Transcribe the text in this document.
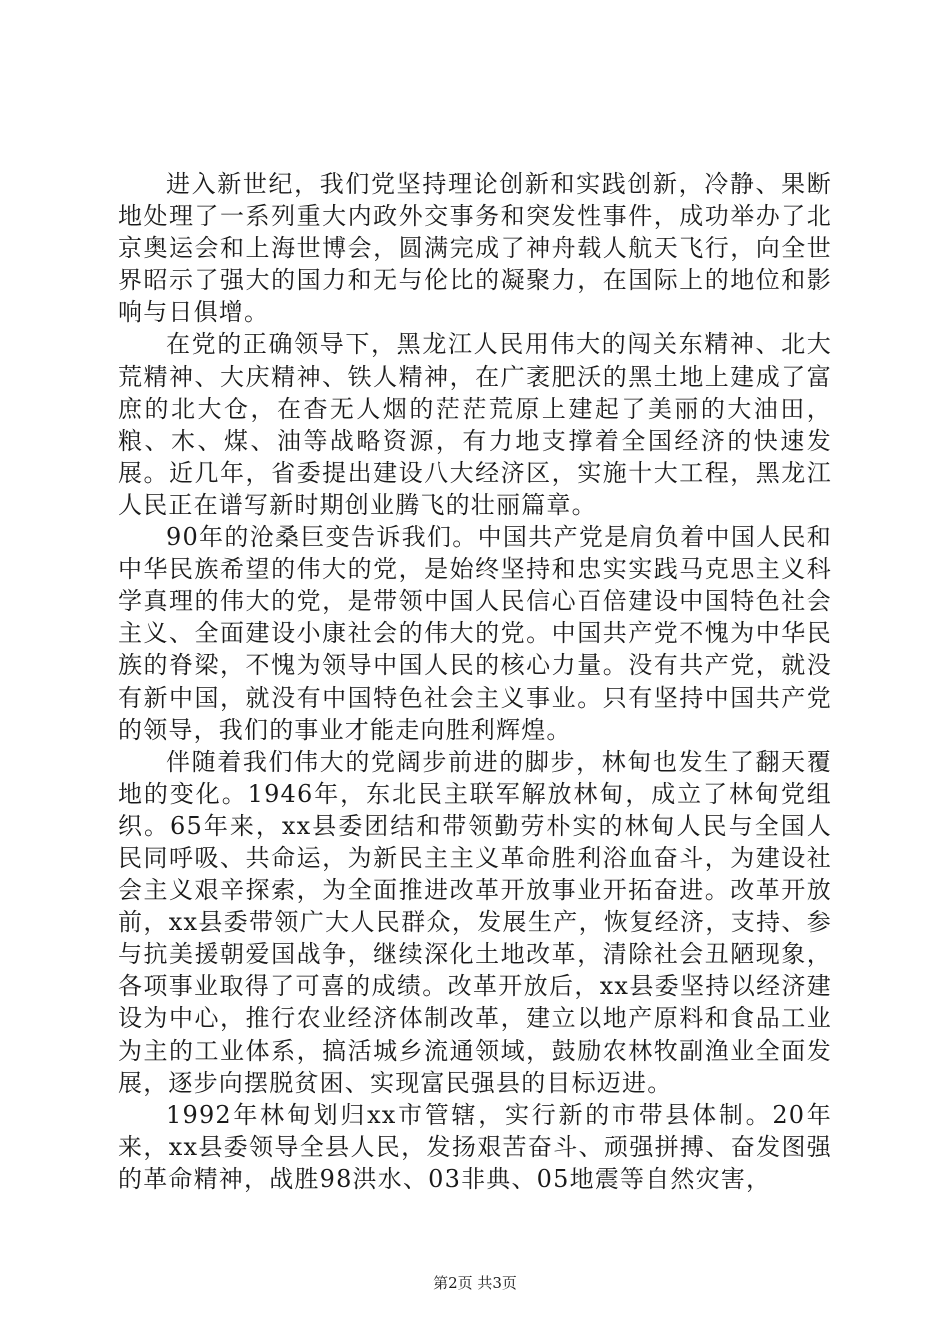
进入新世纪，我们党坚持理论创新和实践创新，冷静、果断地处理了一系列重大内政外交事务和突发性事件，成功举办了北京奥运会和上海世博会，圆满完成了神舟载人航天飞行，向全世界昭示了强大的国力和无与伦比的凝聚力，在国际上的地位和影响与日俱增。

在党的正确领导下，黑龙江人民用伟大的闯关东精神、北大荒精神、大庆精神、铁人精神，在广袤肥沃的黑土地上建成了富庶的北大仓，在杳无人烟的茫茫荒原上建起了美丽的大油田，粮、木、煤、油等战略资源，有力地支撑着全国经济的快速发展。近几年，省委提出建设八大经济区，实施十大工程，黑龙江人民正在谱写新时期创业腾飞的壮丽篇章。

90年的沧桑巨变告诉我们。中国共产党是肩负着中国人民和中华民族希望的伟大的党，是始终坚持和忠实实践马克思主义科学真理的伟大的党，是带领中国人民信心百倍建设中国特色社会主义、全面建设小康社会的伟大的党。中国共产党不愧为中华民族的脊梁，不愧为领导中国人民的核心力量。没有共产党，就没有新中国，就没有中国特色社会主义事业。只有坚持中国共产党的领导，我们的事业才能走向胜利辉煌。

伴随着我们伟大的党阔步前进的脚步，林甸也发生了翻天覆地的变化。1946年，东北民主联军解放林甸，成立了林甸党组织。65年来，xx县委团结和带领勤劳朴实的林甸人民与全国人民同呼吸、共命运，为新民主主义革命胜利浴血奋斗，为建设社会主义艰辛探索，为全面推进改革开放事业开拓奋进。改革开放前，xx县委带领广大人民群众，发展生产，恢复经济，支持、参与抗美援朝爱国战争，继续深化土地改革，清除社会丑陋现象，各项事业取得了可喜的成绩。改革开放后，xx县委坚持以经济建设为中心，推行农业经济体制改革，建立以地产原料和食品工业为主的工业体系，搞活城乡流通领域，鼓励农林牧副渔业全面发展，逐步向摆脱贫困、实现富民强县的目标迈进。

1992年林甸划归xx市管辖，实行新的市带县体制。20年来，xx县委领导全县人民，发扬艰苦奋斗、顽强拼搏、奋发图强的革命精神，战胜98洪水、03非典、05地震等自然灾害，

第2页 共3页
